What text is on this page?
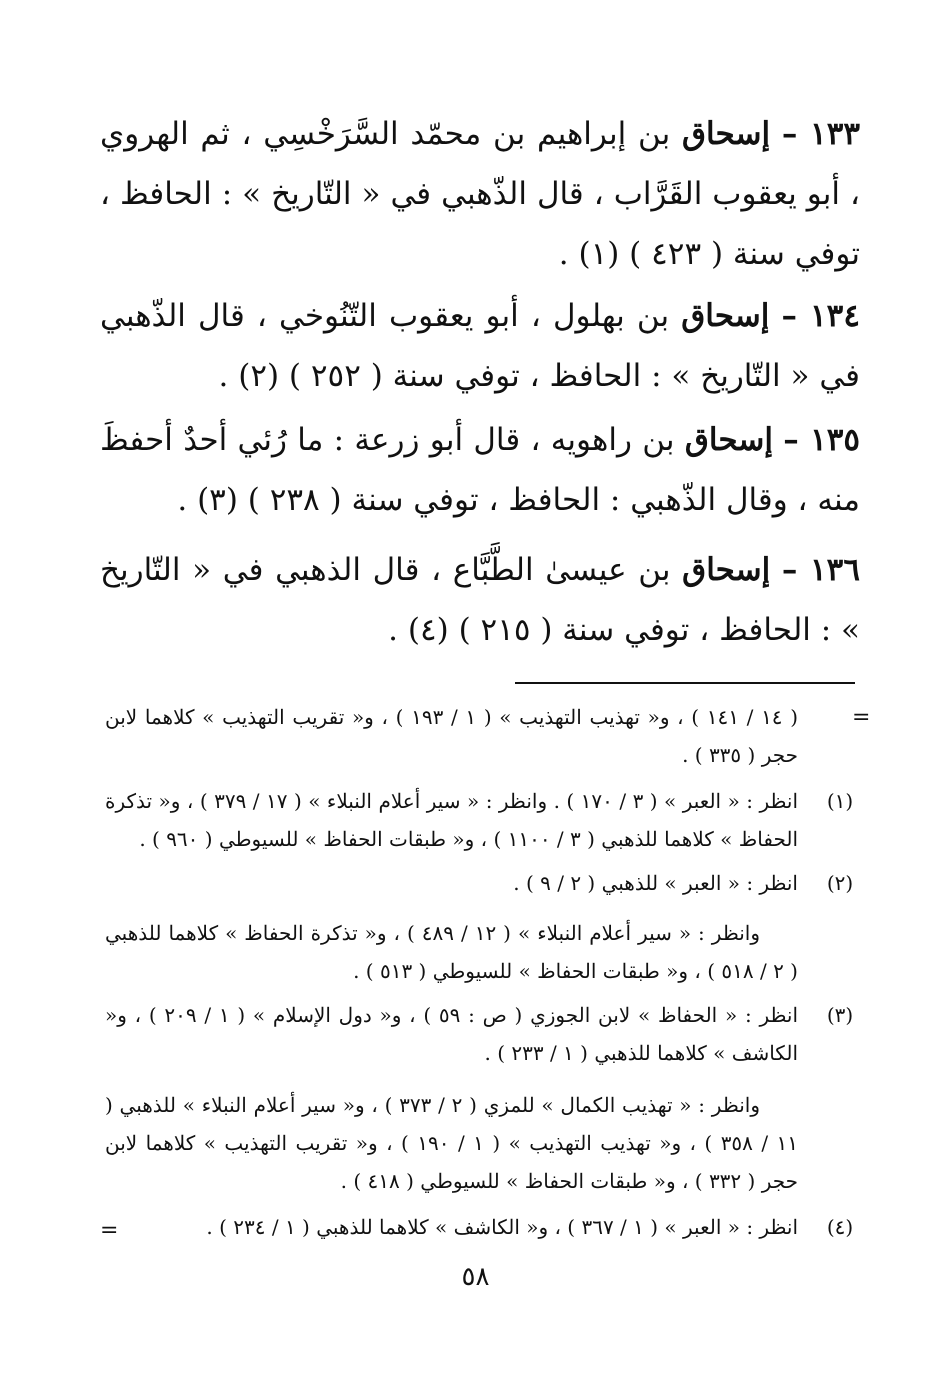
١٣٣ – إسحاق بن إبراهيم بن محمّد السَّرَخْسِي ، ثم الهروي ، أبو يعقوب القَرَّاب ، قال الذّهبي في « التّاريخ » : الحافظ ، توفي سنة ( ٤٢٣ ) (١) .
١٣٤ – إسحاق بن بهلول ، أبو يعقوب التّنُوخي ، قال الذّهبي في « التّاريخ » : الحافظ ، توفي سنة ( ٢٥٢ ) (٢) .
١٣٥ – إسحاق بن راهويه ، قال أبو زرعة : ما رُئي أحدٌ أحفظَ منه ، وقال الذّهبي : الحافظ ، توفي سنة ( ٢٣٨ ) (٣) .
١٣٦ – إسحاق بن عيسىٰ الطَّبَّاع ، قال الذهبي في « التّاريخ » : الحافظ ، توفي سنة ( ٢١٥ ) (٤) .
=
( ١٤ / ١٤١ ) ، و« تهذيب التهذيب » ( ١ / ١٩٣ ) ، و« تقريب التهذيب » كلاهما لابن حجر ( ٣٣٥ ) .
(١)
انظر : « العبر » ( ٣ / ١٧٠ ) . وانظر : « سير أعلام النبلاء » ( ١٧ / ٣٧٩ ) ، و« تذكرة الحفاظ » كلاهما للذهبي ( ٣ / ١١٠٠ ) ، و« طبقات الحفاظ » للسيوطي ( ٩٦٠ ) .
(٢)
انظر : « العبر » للذهبي ( ٢ / ٩ ) .
وانظر : « سير أعلام النبلاء » ( ١٢ / ٤٨٩ ) ، و« تذكرة الحفاظ » كلاهما للذهبي ( ٢ / ٥١٨ ) ، و« طبقات الحفاظ » للسيوطي ( ٥١٣ ) .
(٣)
انظر : « الحفاظ » لابن الجوزي ( ص : ٥٩ ) ، و« دول الإسلام » ( ١ / ٢٠٩ ) ، و« الكاشف » كلاهما للذهبي ( ١ / ٢٣٣ ) .
وانظر : « تهذيب الكمال » للمزي ( ٢ / ٣٧٣ ) ، و« سير أعلام النبلاء » للذهبي ( ١١ / ٣٥٨ ) ، و« تهذيب التهذيب » ( ١ / ١٩٠ ) ، و« تقريب التهذيب » كلاهما لابن حجر ( ٣٣٢ ) ، و« طبقات الحفاظ » للسيوطي ( ٤١٨ ) .
(٤)
انظر : « العبر » ( ١ / ٣٦٧ ) ، و« الكاشف » كلاهما للذهبي ( ١ / ٢٣٤ ) .
=
٥٨
